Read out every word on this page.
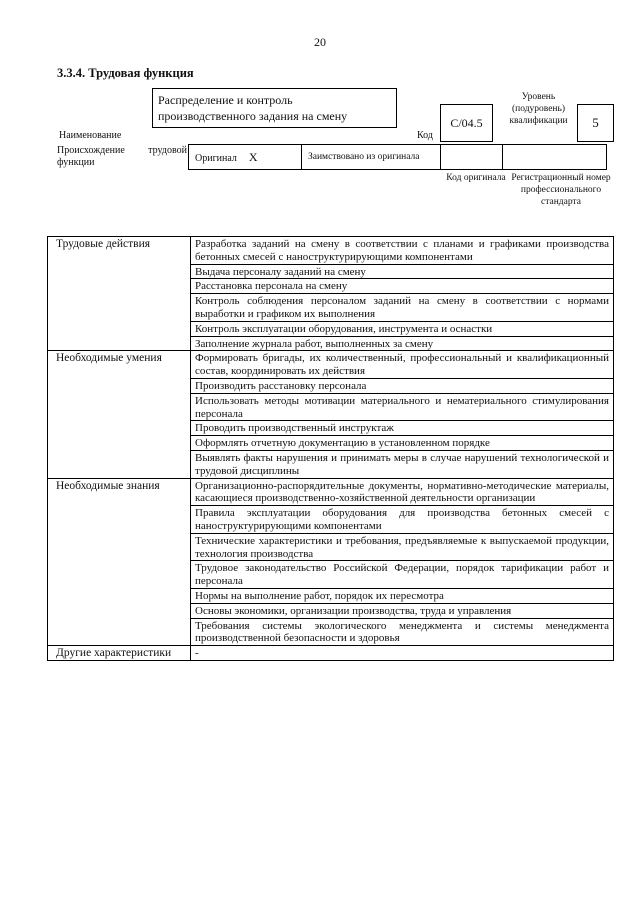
20
3.3.4. Трудовая функция
Наименование
Распределение и контроль производственного задания на смену
Код
С/04.5
Уровень (подуровень) квалификации	5
Происхождение трудовой функции	Оригинал X	Заимствовано из оригинала		
Код оригинала Регистрационный номер профессионального стандарта
Трудовые действия	Разработка заданий на смену в соответствии с планами и графиками производства бетонных смесей с наноструктурирующими компонентами
	Выдача персоналу заданий на смену
	Расстановка персонала на смену
	Контроль соблюдения персоналом заданий на смену в соответствии с нормами выработки и графиком их выполнения
	Контроль эксплуатации оборудования, инструмента и оснастки
	Заполнение журнала работ, выполненных за смену
Необходимые умения	Формировать бригады, их количественный, профессиональный и квалификационный состав, координировать их действия
	Производить расстановку персонала
	Использовать методы мотивации материального и нематериального стимулирования персонала
	Проводить производственный инструктаж
	Оформлять отчетную документацию в установленном порядке
	Выявлять факты нарушения и принимать меры в случае нарушений технологической и трудовой дисциплины
Необходимые знания	Организационно-распорядительные документы, нормативно-методические материалы, касающиеся производственно-хозяйственной деятельности организации
	Правила эксплуатации оборудования для производства бетонных смесей с наноструктурирующими компонентами
	Технические характеристики и требования, предъявляемые к выпускаемой продукции, технология производства
	Трудовое законодательство Российской Федерации, порядок тарификации работ и персонала
	Нормы на выполнение работ, порядок их пересмотра
	Основы экономики, организации производства, труда и управления
	Требования системы экологического менеджмента и системы менеджмента производственной безопасности и здоровья
Другие характеристики	-
